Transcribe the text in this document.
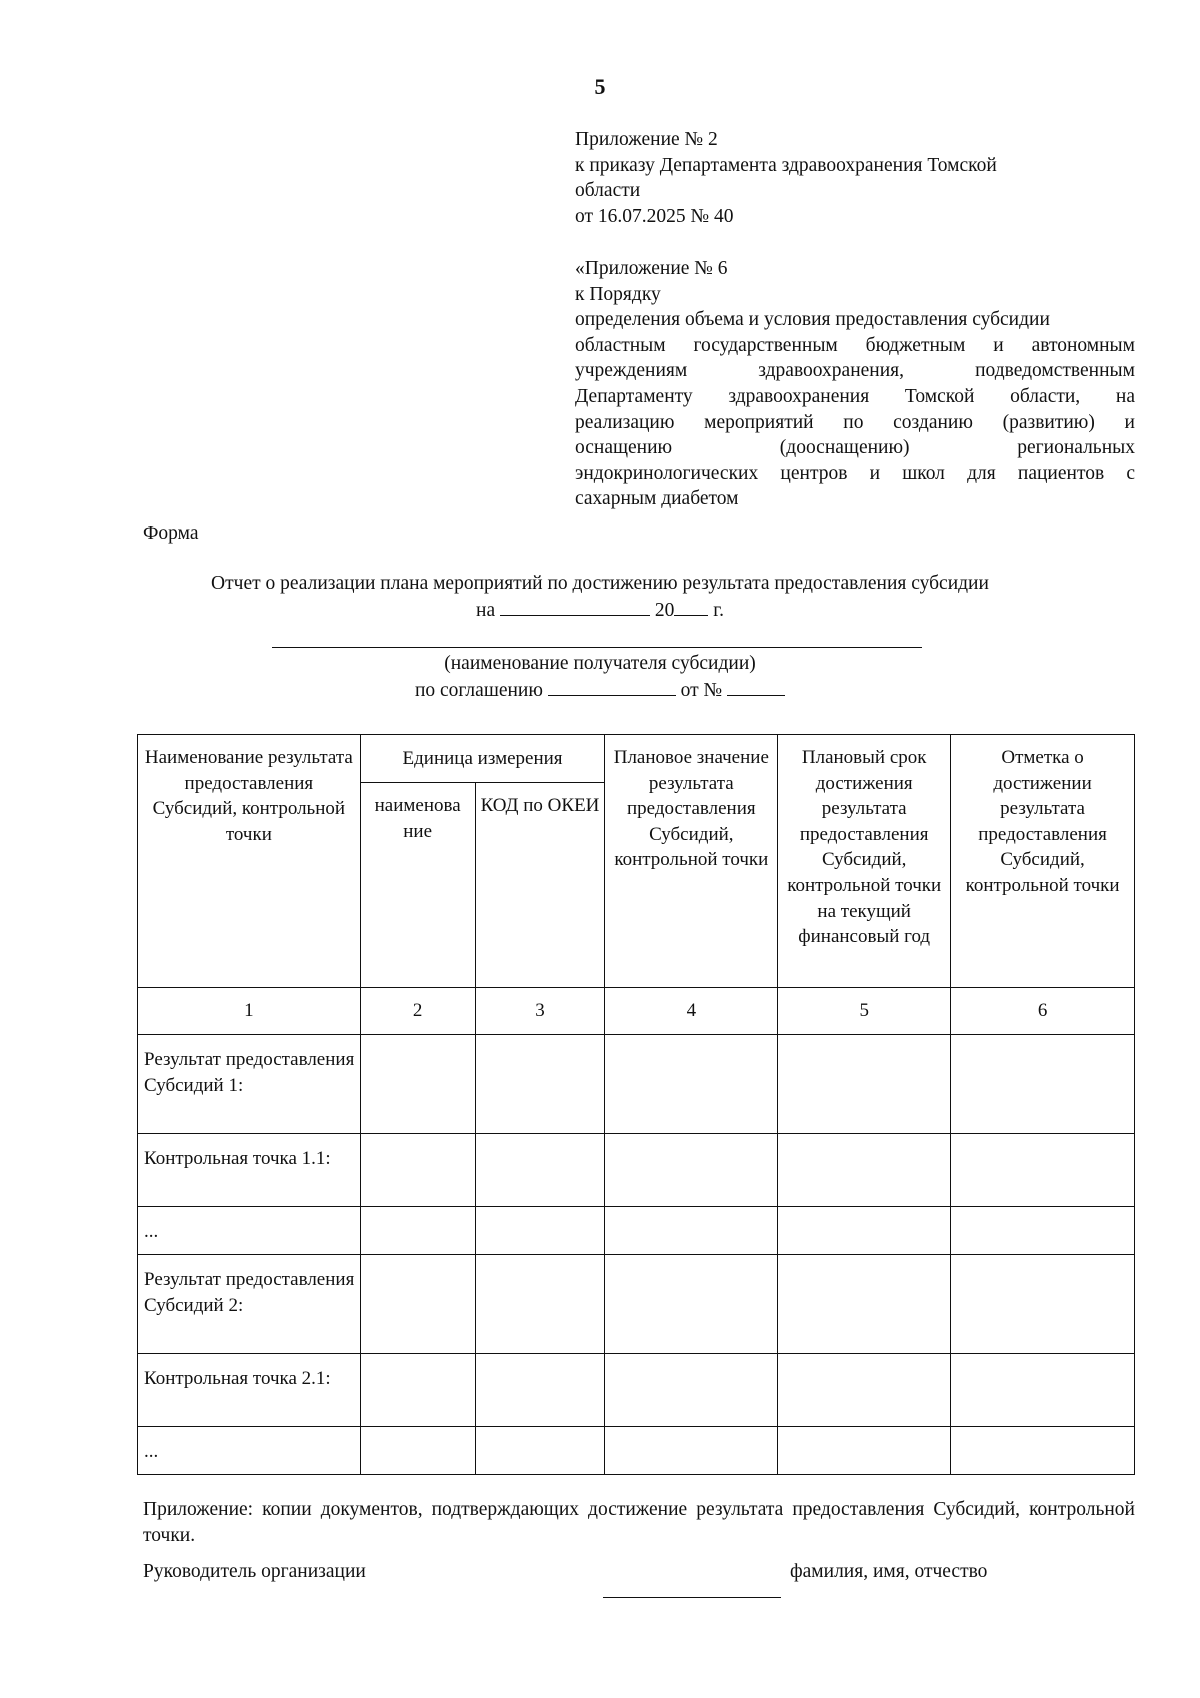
5
Приложение № 2
к приказу Департамента здравоохранения Томской
области
от 16.07.2025 № 40
«Приложение № 6
к Порядку
определения объема и условия предоставления субсидии
областным государственным бюджетным и автономным
учреждениям здравоохранения, подведомственным
Департаменту здравоохранения Томской области, на
реализацию мероприятий по созданию (развитию) и
оснащению (дооснащению) региональных
эндокринологических центров и школ для пациентов с
сахарным диабетом
Форма
Отчет о реализации плана мероприятий по достижению результата предоставления субсидии
на	20 г.
(наименование получателя субсидии)
по соглашению	от №
Наименование результата предоставления Субсидий, контрольной точки	Единица измерения		Плановое значение результата предоставления Субсидий, контрольной точки	Плановый срок достижения результата предоставления Субсидий, контрольной точки на текущий финансовый год	Отметка о достижении результата предоставления Субсидий, контрольной точки
	наименова ние	КОД по ОКЕИ			
1	2	3	4	5	6
Результат предоставления Субсидий 1:					
Контрольная точка 1.1:					
...					
Результат предоставления Субсидий 2:					
Контрольная точка 2.1:					
...					
Приложение: копии документов, подтверждающих достижение результата предоставления Субсидий, контрольной точки.
Руководитель организации	фамилия, имя, отчество
